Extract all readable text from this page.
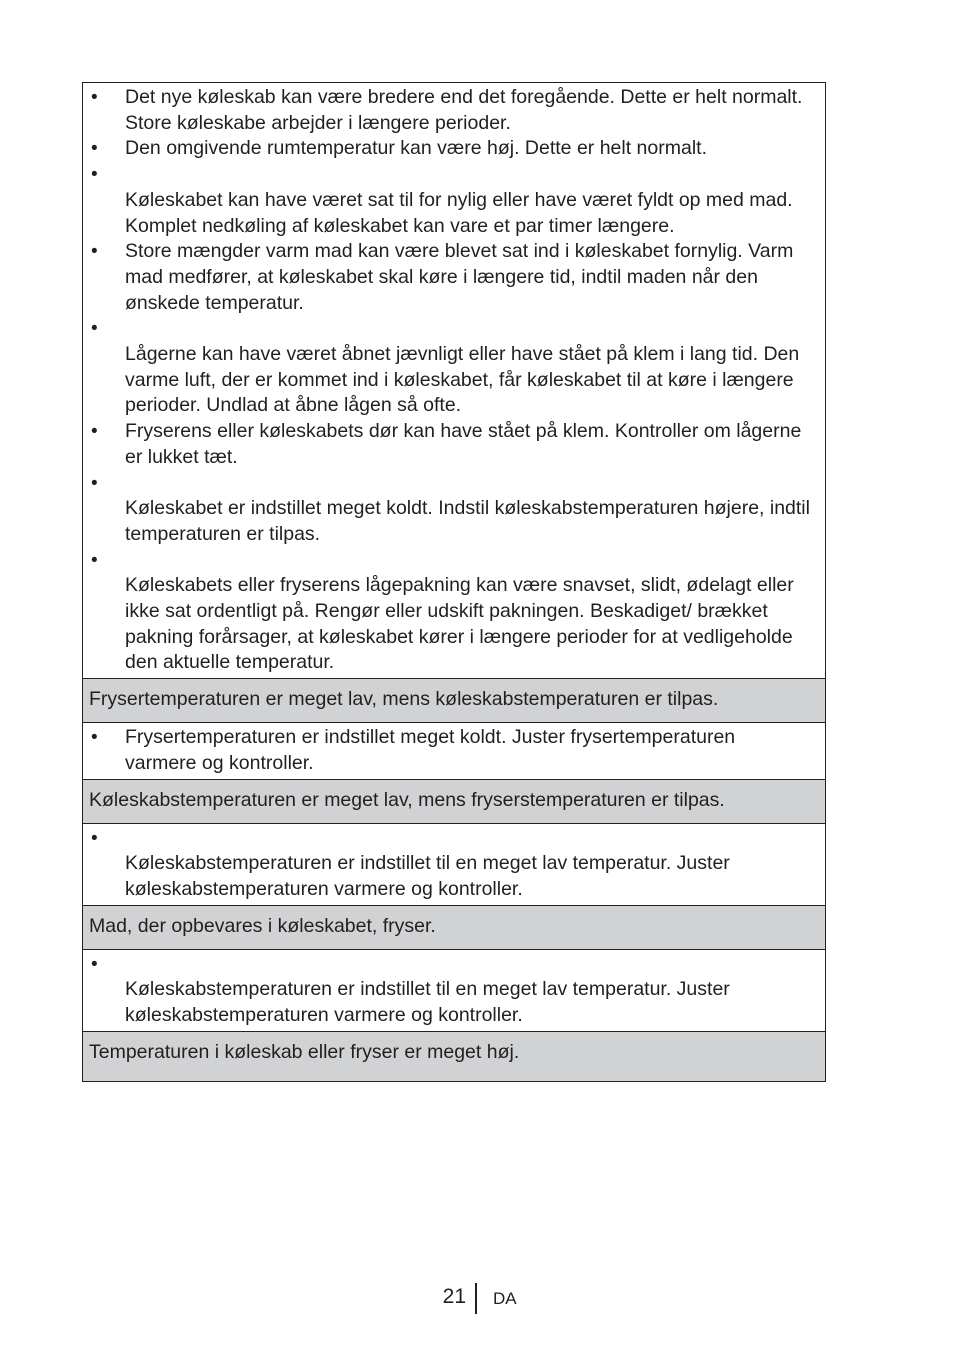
• Det nye køleskab kan være bredere end det foregående. Dette er helt normalt. Store køleskabe arbejder i længere perioder.
• Den omgivende rumtemperatur kan være høj. Dette er helt normalt.
•
Køleskabet kan have været sat til for nylig eller have været fyldt op med mad. Komplet nedkøling af køleskabet kan vare et par timer længere.
• Store mængder varm mad kan være blevet sat ind i køleskabet fornylig. Varm mad medfører, at køleskabet skal køre i længere tid, indtil maden når den ønskede temperatur.
•
Lågerne kan have været åbnet jævnligt eller have stået på klem i lang tid. Den varme luft, der er kommet ind i køleskabet, får køleskabet til at køre i længere perioder. Undlad at åbne lågen så ofte.
• Fryserens eller køleskabets dør kan have stået på klem. Kontroller om lågerne er lukket tæt.
•
Køleskabet er indstillet meget koldt. Indstil køleskabstemperaturen højere, indtil temperaturen er tilpas.
•
Køleskabets eller fryserens lågepakning kan være snavset, slidt, ødelagt eller ikke sat ordentligt på. Rengør eller udskift pakningen. Beskadiget/ brækket pakning forårsager, at køleskabet kører i længere perioder for at vedligeholde den aktuelle temperatur.
Frysertemperaturen er meget lav, mens køleskabstemperaturen er tilpas.
• Frysertemperaturen er indstillet meget koldt. Juster frysertemperaturen varmere og kontroller.
Køleskabstemperaturen er meget lav, mens fryserstemperaturen er tilpas.
•
Køleskabstemperaturen er indstillet til en meget lav temperatur. Juster køleskabstemperaturen varmere og kontroller.
Mad, der opbevares i køleskabet, fryser.
•
Køleskabstemperaturen er indstillet til en meget lav temperatur. Juster køleskabstemperaturen varmere og kontroller.
Temperaturen i køleskab eller fryser er meget høj.
21 DA
